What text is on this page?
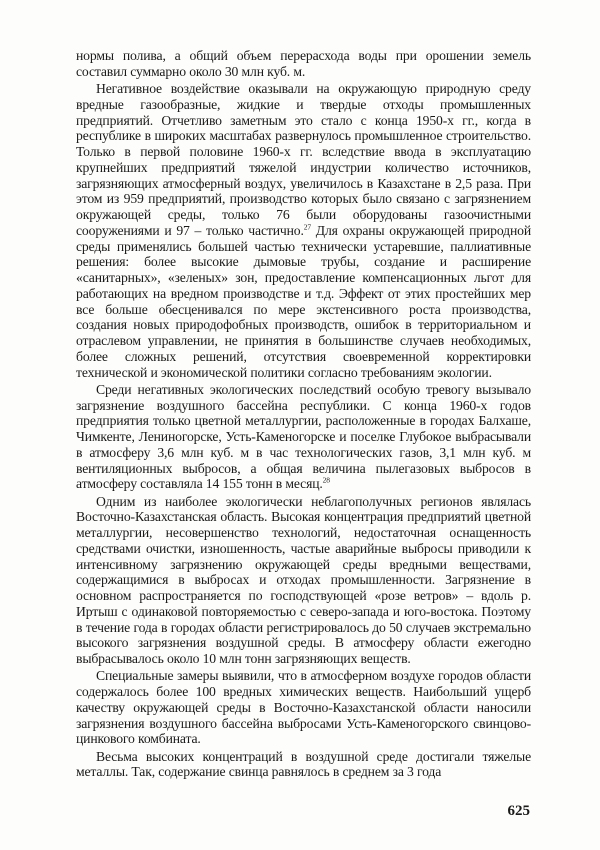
нормы полива, а общий объем перерасхода воды при орошении земель составил суммарно около 30 млн куб. м.

Негативное воздействие оказывали на окружающую природную среду вредные газообразные, жидкие и твердые отходы промышленных предприятий. Отчетливо заметным это стало с конца 1950-х гг., когда в республике в широких масштабах развернулось промышленное строительство. Только в первой половине 1960-х гг. вследствие ввода в эксплуатацию крупнейших предприятий тяжелой индустрии количество источников, загрязняющих атмосферный воздух, увеличилось в Казахстане в 2,5 раза. При этом из 959 предприятий, производство которых было связано с загрязнением окружающей среды, только 76 были оборудованы газоочистными сооружениями и 97 – только частично.$^{27}$ Для охраны окружающей природной среды применялись большей частью технически устаревшие, паллиативные решения: более высокие дымовые трубы, создание и расширение «санитарных», «зеленых» зон, предоставление компенсационных льгот для работающих на вредном производстве и т.д. Эффект от этих простейших мер все больше обесценивался по мере экстенсивного роста производства, создания новых природофобных производств, ошибок в территориальном и отраслевом управлении, не принятия в большинстве случаев необходимых, более сложных решений, отсутствия своевременной корректировки технической и экономической политики согласно требованиям экологии.

Среди негативных экологических последствий особую тревогу вызывало загрязнение воздушного бассейна республики. С конца 1960-х годов предприятия только цветной металлургии, расположенные в городах Балхаше, Чимкенте, Лениногорске, Усть-Каменогорске и поселке Глубокое выбрасывали в атмосферу 3,6 млн куб. м в час технологических газов, 3,1 млн куб. м вентиляционных выбросов, а общая величина пылегазовых выбросов в атмосферу составляла 14 155 тонн в месяц.$^{28}$

Одним из наиболее экологически неблагополучных регионов являлась Восточно-Казахстанская область. Высокая концентрация предприятий цветной металлургии, несовершенство технологий, недостаточная оснащенность средствами очистки, изношенность, частые аварийные выбросы приводили к интенсивному загрязнению окружающей среды вредными веществами, содержащимися в выбросах и отходах промышленности. Загрязнение в основном распространяется по господствующей «розе ветров» – вдоль р. Иртыш с одинаковой повторяемостью с северо-запада и юго-востока. Поэтому в течение года в городах области регистрировалось до 50 случаев экстремально высокого загрязнения воздушной среды. В атмосферу области ежегодно выбрасывалось около 10 млн тонн загрязняющих веществ.

Специальные замеры выявили, что в атмосферном воздухе городов области содержалось более 100 вредных химических веществ. Наибольший ущерб качеству окружающей среды в Восточно-Казахстанской области наносили загрязнения воздушного бассейна выбросами Усть-Каменогорского свинцово-цинкового комбината.

Весьма высоких концентраций в воздушной среде достигали тяжелые металлы. Так, содержание свинца равнялось в среднем за 3 года

625
